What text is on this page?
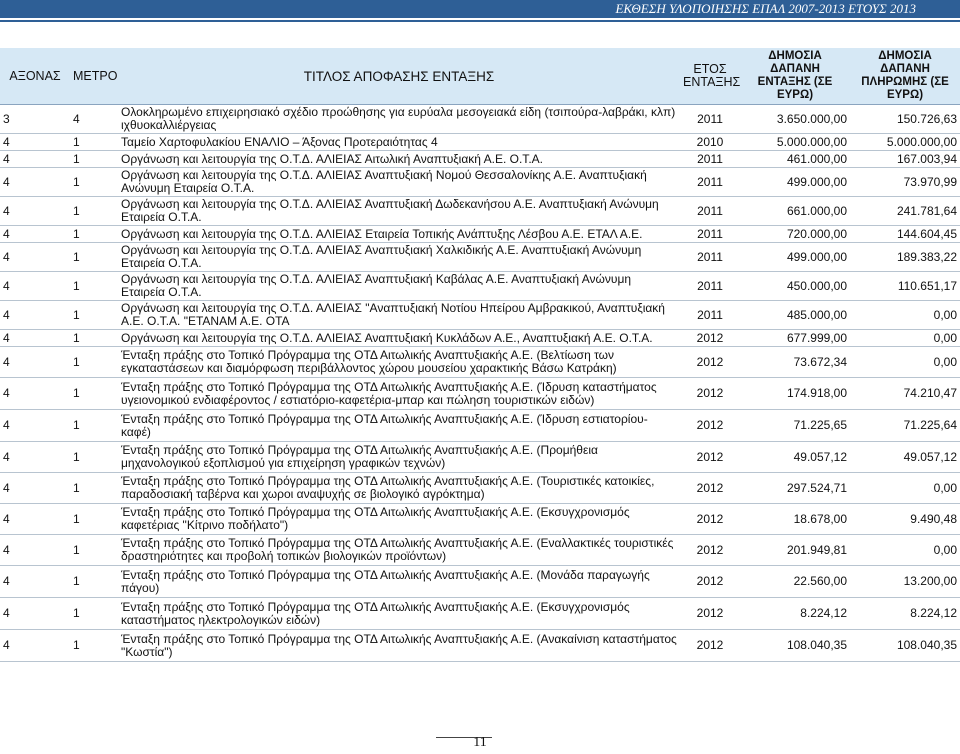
ΕΚΘΕΣΗ ΥΛΟΠΟΙΗΣΗΣ ΕΠΑΛ 2007-2013 ΕΤΟΥΣ 2013
ΑΞΟΝΑΣ	ΜΕΤΡΟ	ΤΙΤΛΟΣ ΑΠΟΦΑΣΗΣ ΕΝΤΑΞΗΣ	ΕΤΟΣ ΕΝΤΑΞΗΣ	ΔΗΜΟΣΙΑ ΔΑΠΑΝΗ ΕΝΤΑΞΗΣ (ΣΕ ΕΥΡΩ)	ΔΗΜΟΣΙΑ ΔΑΠΑΝΗ ΠΛΗΡΩΜΗΣ (ΣΕ ΕΥΡΩ)
3	4	Ολοκληρωμένο επιχειρησιακό σχέδιο προώθησης για ευρύαλα μεσογειακά είδη (τσιπούρα-λαβράκι, κλπ) ιχθυοκαλλιέργειας	2011	3.650.000,00	150.726,63
4	1	Ταμείο Χαρτοφυλακίου ΕΝΑΛΙΟ – Άξονας Προτεραιότητας 4	2010	5.000.000,00	5.000.000,00
4	1	Οργάνωση και λειτουργία της Ο.Τ.Δ. ΑΛΙΕΙΑΣ Αιτωλική Αναπτυξιακή Α.Ε. Ο.Τ.Α.	2011	461.000,00	167.003,94
4	1	Οργάνωση και λειτουργία της Ο.Τ.Δ. ΑΛΙΕΙΑΣ Αναπτυξιακή Νομού Θεσσαλονίκης Α.Ε. Αναπτυξιακή Ανώνυμη Εταιρεία Ο.Τ.Α.	2011	499.000,00	73.970,99
4	1	Οργάνωση και λειτουργία της Ο.Τ.Δ. ΑΛΙΕΙΑΣ Αναπτυξιακή Δωδεκανήσου Α.Ε. Αναπτυξιακή Ανώνυμη Εταιρεία Ο.Τ.Α.	2011	661.000,00	241.781,64
4	1	Οργάνωση και λειτουργία της Ο.Τ.Δ. ΑΛΙΕΙΑΣ Εταιρεία Τοπικής Ανάπτυξης Λέσβου Α.Ε. ΕΤΑΛ Α.Ε.	2011	720.000,00	144.604,45
4	1	Οργάνωση και λειτουργία της Ο.Τ.Δ. ΑΛΙΕΙΑΣ Αναπτυξιακή Χαλκιδικής Α.Ε. Αναπτυξιακή Ανώνυμη Εταιρεία Ο.Τ.Α.	2011	499.000,00	189.383,22
4	1	Οργάνωση και λειτουργία της Ο.Τ.Δ. ΑΛΙΕΙΑΣ Αναπτυξιακή Καβάλας Α.Ε. Αναπτυξιακή Ανώνυμη Εταιρεία Ο.Τ.Α.	2011	450.000,00	110.651,17
4	1	Οργάνωση και λειτουργία της Ο.Τ.Δ. ΑΛΙΕΙΑΣ "Αναπτυξιακή Νοτίου Ηπείρου Αμβρακικού, Αναπτυξιακή Α.Ε. Ο.Τ.Α. "ΕΤΑΝΑΜ Α.Ε. ΟΤΑ	2011	485.000,00	0,00
4	1	Οργάνωση και λειτουργία της Ο.Τ.Δ. ΑΛΙΕΙΑΣ Αναπτυξιακή Κυκλάδων Α.Ε., Αναπτυξιακή Α.Ε. Ο.Τ.Α.	2012	677.999,00	0,00
4	1	Ένταξη πράξης στο Τοπικό Πρόγραμμα της ΟΤΔ Αιτωλικής Αναπτυξιακής Α.Ε. (Βελτίωση των εγκαταστάσεων και διαμόρφωση περιβάλλοντος χώρου μουσείου χαρακτικής Βάσω Κατράκη)	2012	73.672,34	0,00
4	1	Ένταξη πράξης στο Τοπικό Πρόγραμμα της ΟΤΔ Αιτωλικής Αναπτυξιακής Α.Ε. (Ίδρυση καταστήματος υγειονομικού ενδιαφέροντος / εστιατόριο-καφετέρια-μπαρ και πώληση τουριστικών ειδών)	2012	174.918,00	74.210,47
4	1	Ένταξη πράξης στο Τοπικό Πρόγραμμα της ΟΤΔ Αιτωλικής Αναπτυξιακής Α.Ε. (Ίδρυση εστιατορίου-καφέ)	2012	71.225,65	71.225,64
4	1	Ένταξη πράξης στο Τοπικό Πρόγραμμα της ΟΤΔ Αιτωλικής Αναπτυξιακής Α.Ε. (Προμήθεια μηχανολογικού εξοπλισμού για επιχείρηση γραφικών τεχνών)	2012	49.057,12	49.057,12
4	1	Ένταξη πράξης στο Τοπικό Πρόγραμμα της ΟΤΔ Αιτωλικής Αναπτυξιακής Α.Ε. (Τουριστικές κατοικίες, παραδοσιακή ταβέρνα και χωροι αναψυχής σε βιολογικό αγρόκτημα)	2012	297.524,71	0,00
4	1	Ένταξη πράξης στο Τοπικό Πρόγραμμα της ΟΤΔ Αιτωλικής Αναπτυξιακής Α.Ε. (Εκσυγχρονισμός καφετέριας "Κίτρινο ποδήλατο")	2012	18.678,00	9.490,48
4	1	Ένταξη πράξης στο Τοπικό Πρόγραμμα της ΟΤΔ Αιτωλικής Αναπτυξιακής Α.Ε. (Εναλλακτικές τουριστικές δραστηριότητες και προβολή τοπικών βιολογικών προϊόντων)	2012	201.949,81	0,00
4	1	Ένταξη πράξης στο Τοπικό Πρόγραμμα της ΟΤΔ Αιτωλικής Αναπτυξιακής Α.Ε. (Μονάδα παραγωγής πάγου)	2012	22.560,00	13.200,00
4	1	Ένταξη πράξης στο Τοπικό Πρόγραμμα της ΟΤΔ Αιτωλικής Αναπτυξιακής Α.Ε. (Εκσυγχρονισμός καταστήματος ηλεκτρολογικών ειδών)	2012	8.224,12	8.224,12
4	1	Ένταξη πράξης στο Τοπικό Πρόγραμμα της ΟΤΔ Αιτωλικής Αναπτυξιακής Α.Ε. (Ανακαίνιση καταστήματος "Κωστία")	2012	108.040,35	108.040,35
11
